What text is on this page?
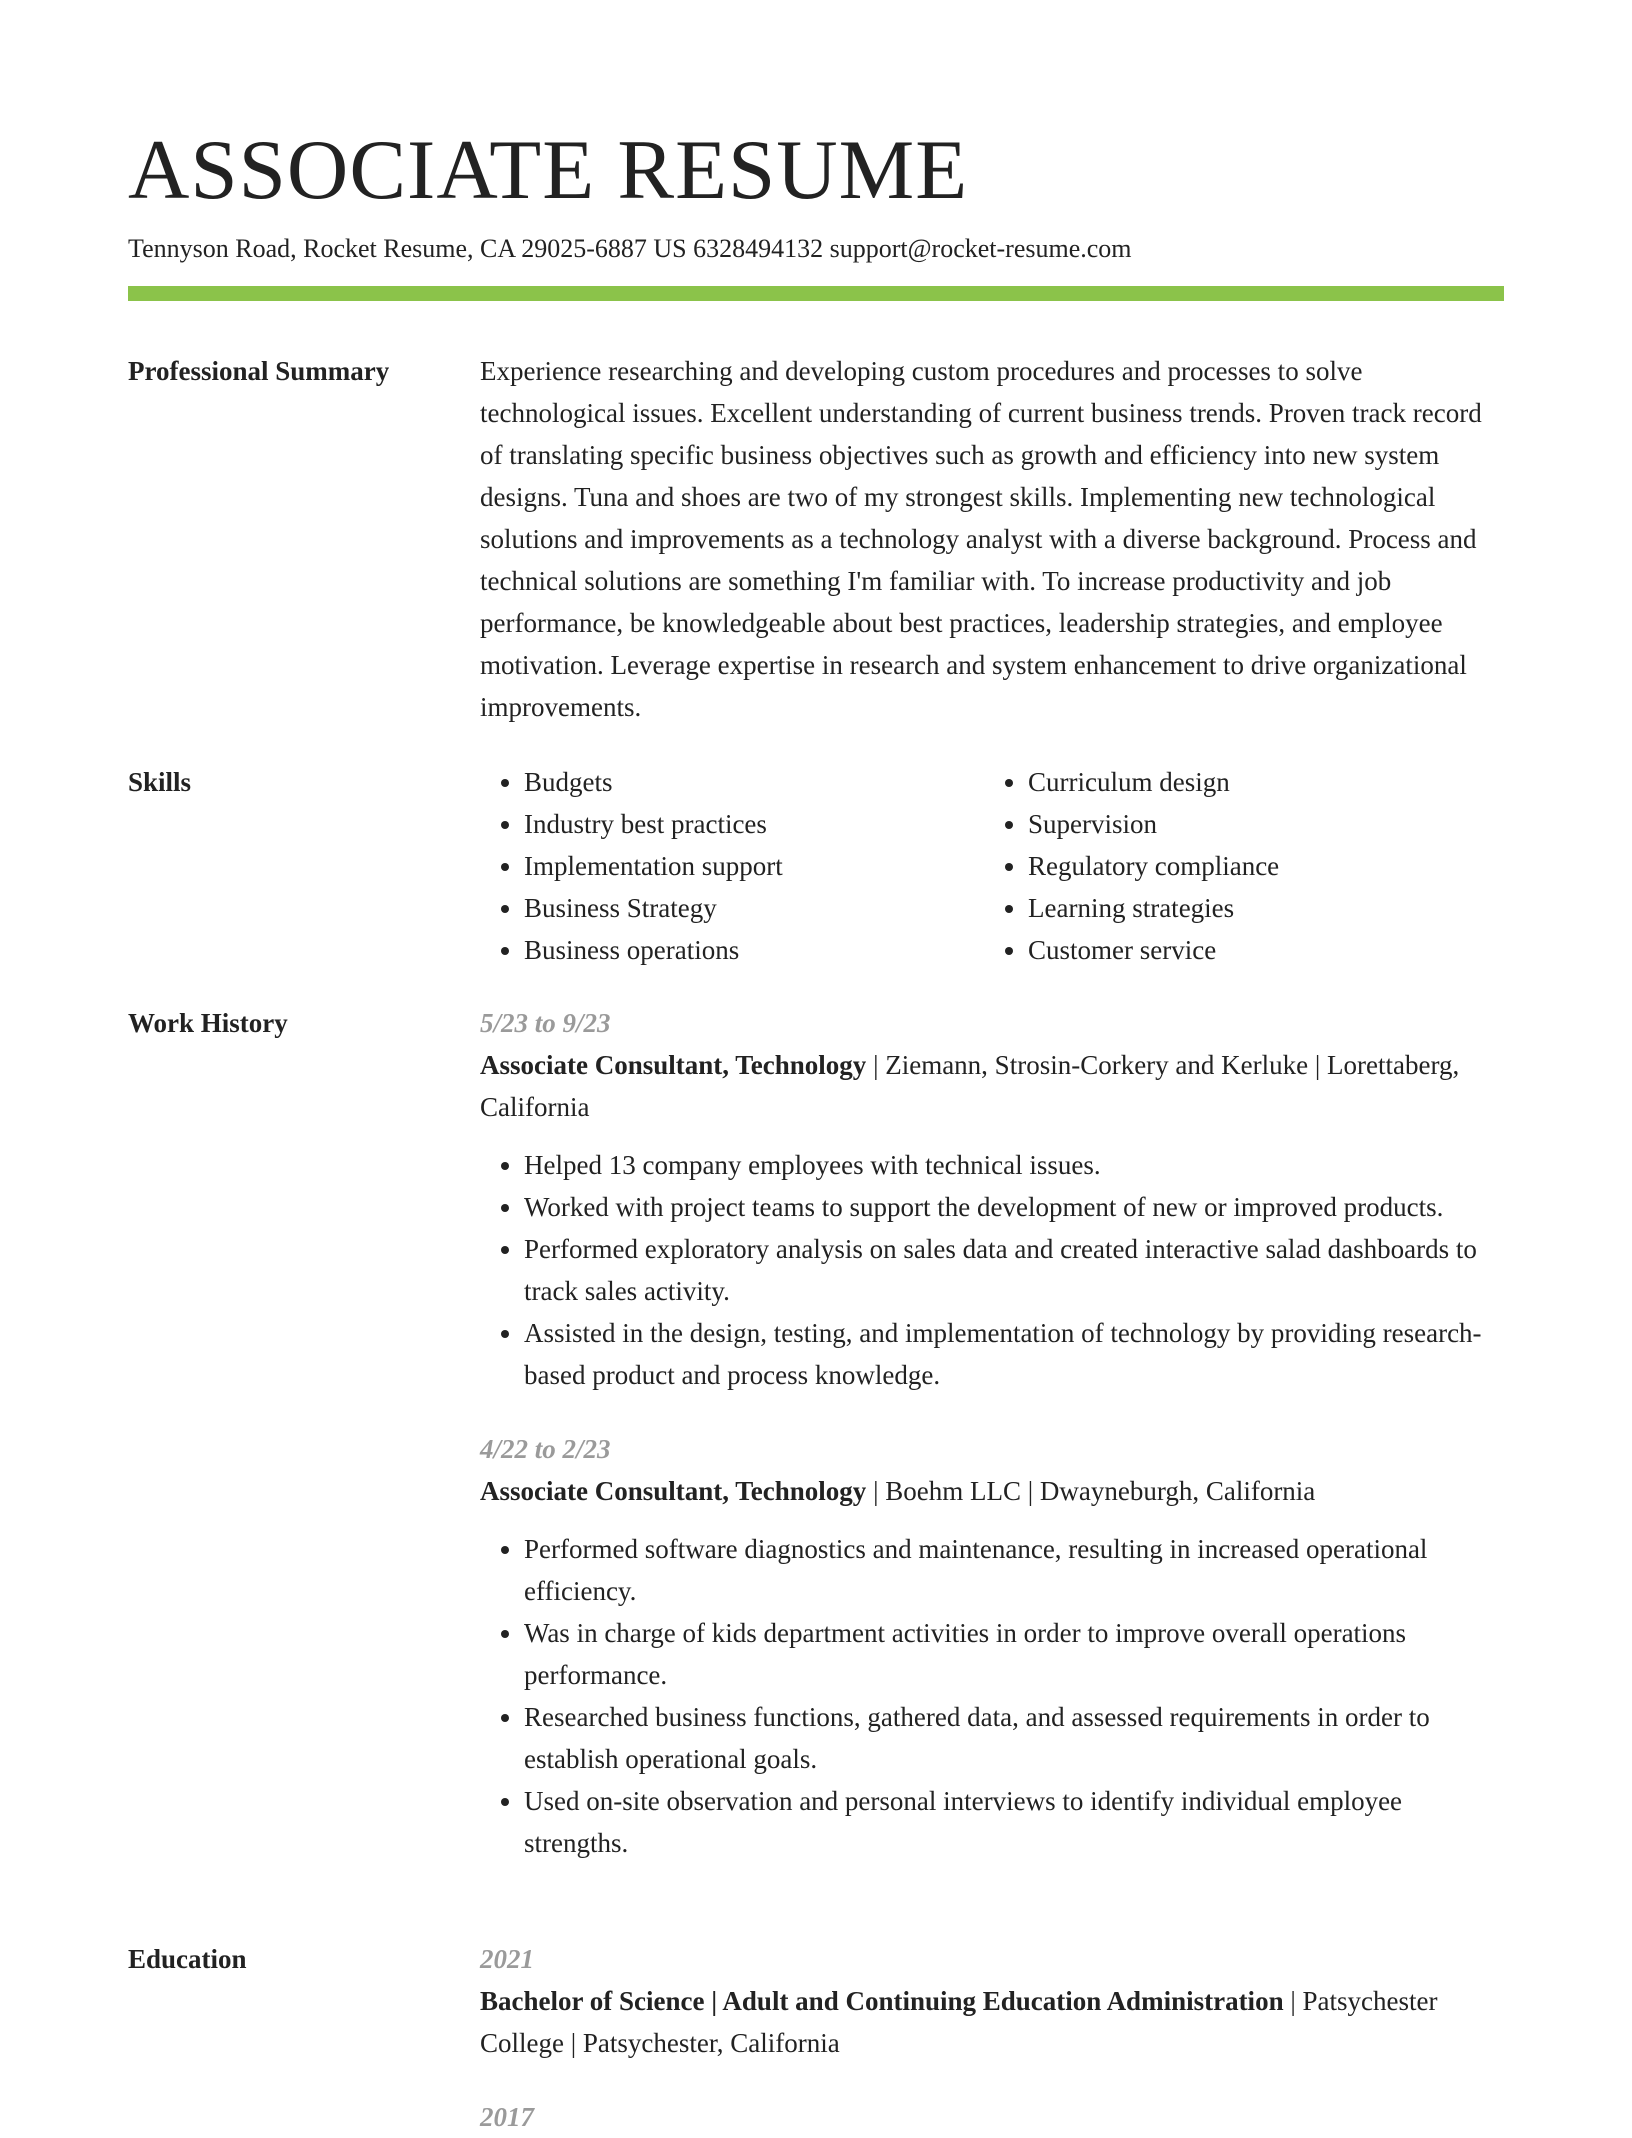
ASSOCIATE RESUME
Tennyson Road, Rocket Resume, CA 29025-6887 US 6328494132 support@rocket-resume.com
Professional Summary	Experience researching and developing custom procedures and processes to solve technological issues. Excellent understanding of current business trends. Proven track record of translating specific business objectives such as growth and efficiency into new system designs. Tuna and shoes are two of my strongest skills. Implementing new technological solutions and improvements as a technology analyst with a diverse background. Process and technical solutions are something I'm familiar with. To increase productivity and job performance, be knowledgeable about best practices, leadership strategies, and employee motivation. Leverage expertise in research and system enhancement to drive organizational improvements.

Skills
•	Budgets
• Industry best practices
• Implementation support
• Business Strategy
• Business operations
• Curriculum design
• Supervision
• Regulatory compliance
• Learning strategies
• Customer service
Work History	5/23 to 9/23
Associate Consultant, Technology | Ziemann, Strosin-Corkery and Kerluke | Lorettaberg, California
• Helped 13 company employees with technical issues.
• Worked with project teams to support the development of new or improved products.
• Performed exploratory analysis on sales data and created interactive salad dashboards to track sales activity.
• Assisted in the design, testing, and implementation of technology by providing research-based product and process knowledge.
4/22 to 2/23
Associate Consultant, Technology | Boehm LLC | Dwayneburgh, California
• Performed software diagnostics and maintenance, resulting in increased operational efficiency.
• Was in charge of kids department activities in order to improve overall operations performance.
• Researched business functions, gathered data, and assessed requirements in order to establish operational goals.
• Used on-site observation and personal interviews to identify individual employee strengths.
Education	2021
Bachelor of Science | Adult and Continuing Education Administration | Patsychester College | Patsychester, California
2017
